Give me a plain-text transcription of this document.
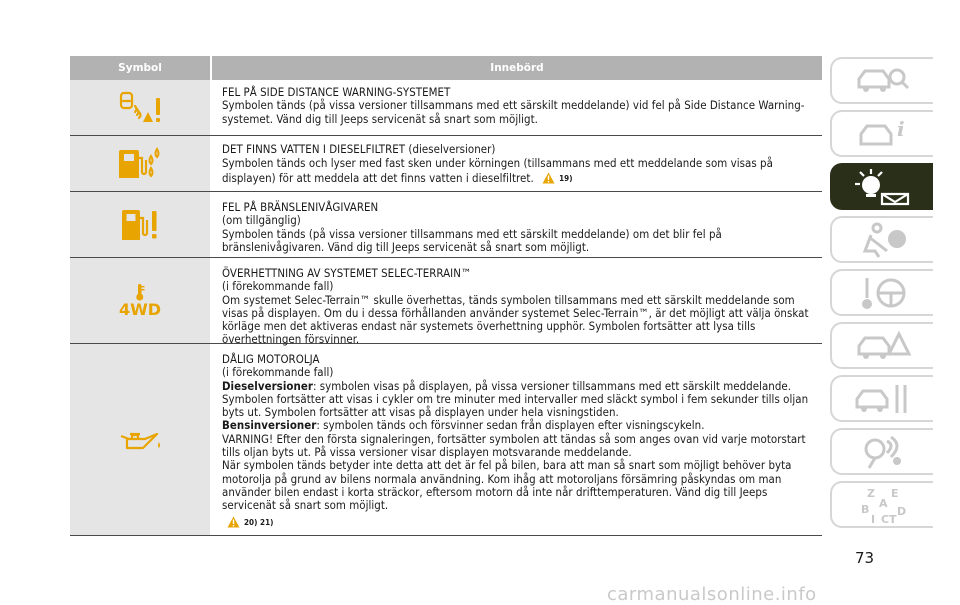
Symbol	Innebörd
FEL PÅ SIDE DISTANCE WARNING-SYSTEMET
Symbolen tänds (på vissa versioner tillsammans med ett särskilt meddelande) vid fel på Side Distance Warning-systemet. Vänd dig till Jeeps servicenät så snart som möjligt.
DET FINNS VATTEN I DIESELFILTRET (dieselversioner)
Symbolen tänds och lyser med fast sken under körningen (tillsammans med ett meddelande som visas på displayen) för att meddela att det finns vatten i dieselfiltret.	19)
FEL PÅ BRÄNSLENIVÅGIVAREN
(om tillgänglig)
Symbolen tänds (på vissa versioner tillsammans med ett särskilt meddelande) om det blir fel på bränslenivågivaren. Vänd dig till Jeeps servicenät så snart som möjligt.
4WD
ÖVERHETTNING AV SYSTEMET SELEC-TERRAIN™
(i förekommande fall)
Om systemet Selec-Terrain™ skulle överhettas, tänds symbolen tillsammans med ett särskilt meddelande som visas på displayen. Om du i dessa förhållanden använder systemet Selec-Terrain™, är det möjligt att välja önskat körläge men det aktiveras endast när systemets överhettning upphör. Symbolen fortsätter att lysa tills överhettningen försvinner.
DÅLIG MOTOROLJA
(i förekommande fall)
Dieselversioner: symbolen visas på displayen, på vissa versioner tillsammans med ett särskilt meddelande. Symbolen fortsätter att visas i cykler om tre minuter med intervaller med släckt symbol i fem sekunder tills oljan byts ut. Symbolen fortsätter att visas på displayen under hela visningstiden.
Bensinversioner: symbolen tänds och försvinner sedan från displayen efter visningscykeln.
VARNING! Efter den första signaleringen, fortsätter symbolen att tändas så som anges ovan vid varje motorstart tills oljan byts ut. På vissa versioner visar displayen motsvarande meddelande.
När symbolen tänds betyder inte detta att det är fel på bilen, bara att man så snart som möjligt behöver byta motorolja på grund av bilens normala användning. Kom ihåg att motoroljans försämring påskyndas om man använder bilen endast i korta sträckor, eftersom motorn då inte når drifttemperaturen. Vänd dig till Jeeps servicenät så snart som möjligt.
20) 21)
i
Z E
A
B	D
I C T
73
carmanualsonline.info
